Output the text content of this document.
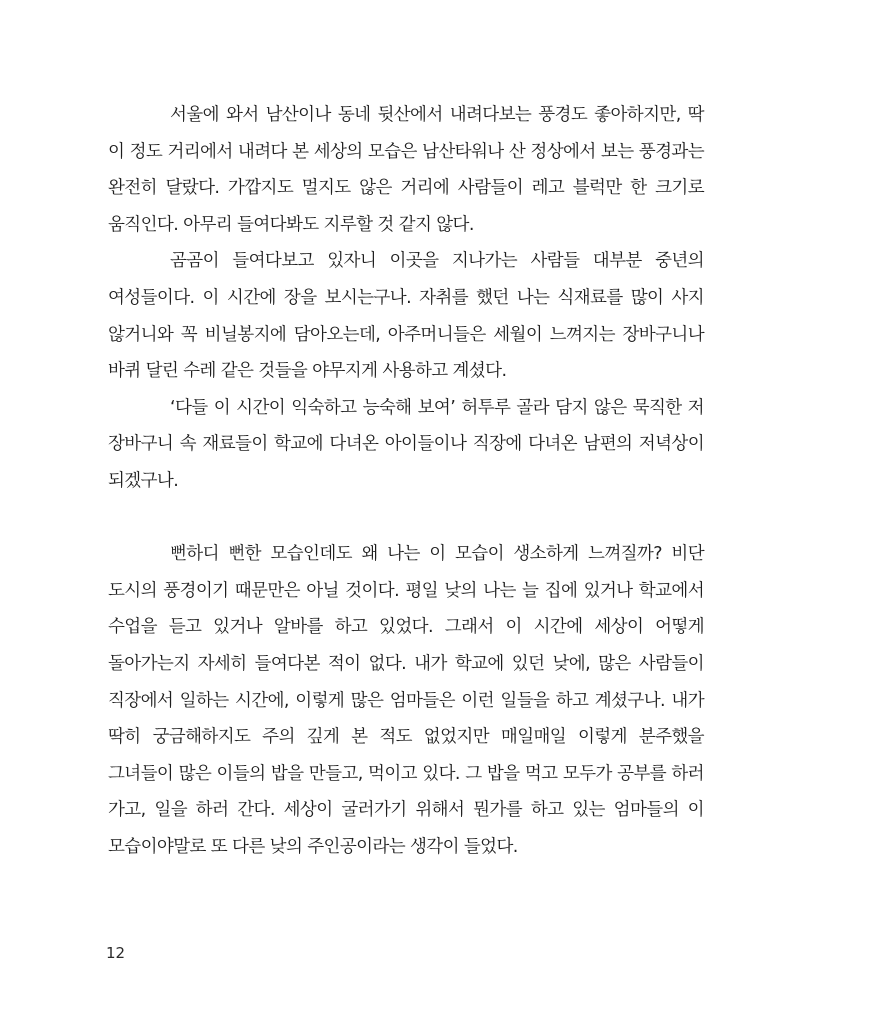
서울에 와서 남산이나 동네 뒷산에서 내려다보는 풍경도 좋아하지만, 딱 이 정도 거리에서 내려다 본 세상의 모습은 남산타워나 산 정상에서 보는 풍경과는 완전히 달랐다. 가깝지도 멀지도 않은 거리에 사람들이 레고 블럭만 한 크기로 움직인다. 아무리 들여다봐도 지루할 것 같지 않다.

곰곰이 들여다보고 있자니 이곳을 지나가는 사람들 대부분 중년의 여성들이다. 이 시간에 장을 보시는구나. 자취를 했던 나는 식재료를 많이 사지 않거니와 꼭 비닐봉지에 담아오는데, 아주머니들은 세월이 느껴지는 장바구니나 바퀴 달린 수레 같은 것들을 야무지게 사용하고 계셨다.

‘다들 이 시간이 익숙하고 능숙해 보여’ 허투루 골라 담지 않은 묵직한 저 장바구니 속 재료들이 학교에 다녀온 아이들이나 직장에 다녀온 남편의 저녁상이 되겠구나.

뻔하디 뻔한 모습인데도 왜 나는 이 모습이 생소하게 느껴질까? 비단 도시의 풍경이기 때문만은 아닐 것이다. 평일 낮의 나는 늘 집에 있거나 학교에서 수업을 듣고 있거나 알바를 하고 있었다. 그래서 이 시간에 세상이 어떻게 돌아가는지 자세히 들여다본 적이 없다. 내가 학교에 있던 낮에, 많은 사람들이 직장에서 일하는 시간에, 이렇게 많은 엄마들은 이런 일들을 하고 계셨구나. 내가 딱히 궁금해하지도 주의 깊게 본 적도 없었지만 매일매일 이렇게 분주했을 그녀들이 많은 이들의 밥을 만들고, 먹이고 있다. 그 밥을 먹고 모두가 공부를 하러 가고, 일을 하러 간다. 세상이 굴러가기 위해서 뭔가를 하고 있는 엄마들의 이 모습이야말로 또 다른 낮의 주인공이라는 생각이 들었다.

12
